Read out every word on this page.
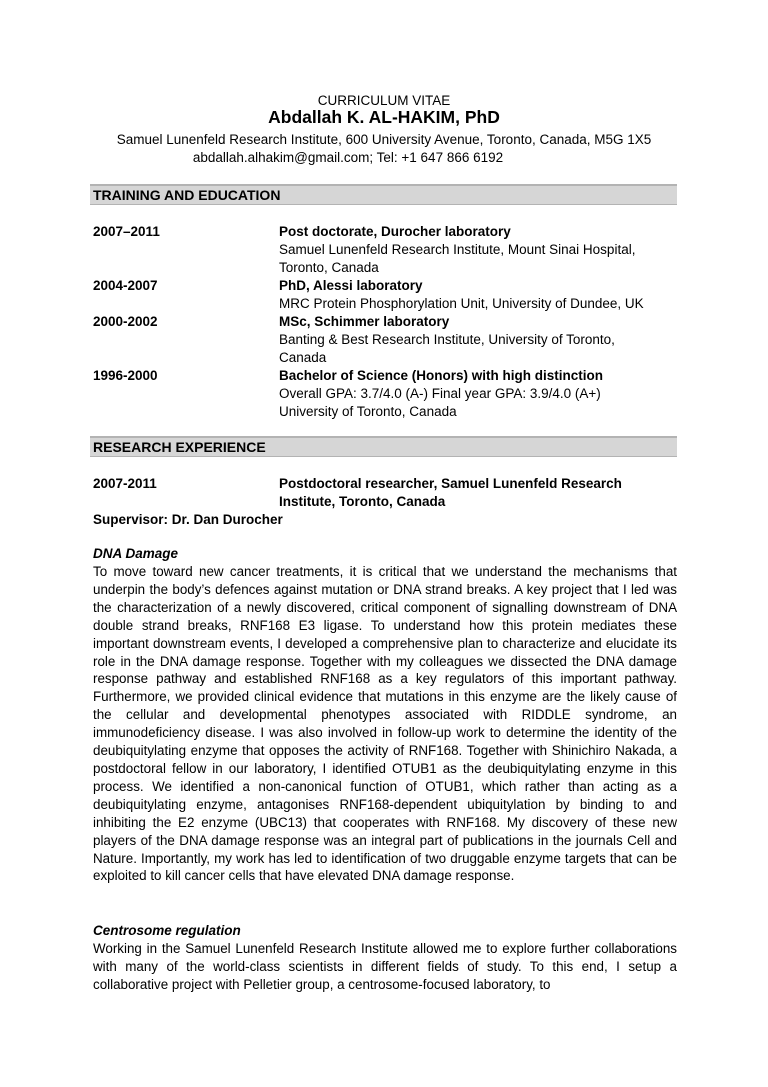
CURRICULUM VITAE
Abdallah K. AL-HAKIM, PhD
Samuel Lunenfeld Research Institute, 600 University Avenue, Toronto, Canada, M5G 1X5
abdallah.alhakim@gmail.com; Tel: +1 647 866 6192
TRAINING AND EDUCATION
2007–2011	Post doctorate, Durocher laboratory
Samuel Lunenfeld Research Institute, Mount Sinai Hospital,
Toronto, Canada
2004-2007	PhD, Alessi laboratory
MRC Protein Phosphorylation Unit, University of Dundee, UK
2000-2002	MSc, Schimmer laboratory
Banting & Best Research Institute, University of Toronto,
Canada
1996-2000	Bachelor of Science (Honors) with high distinction
Overall GPA: 3.7/4.0 (A-) Final year GPA: 3.9/4.0 (A+)
University of Toronto, Canada
RESEARCH EXPERIENCE
2007-2011	Postdoctoral researcher, Samuel Lunenfeld Research
Institute, Toronto, Canada
Supervisor: Dr. Dan Durocher
DNA Damage

To move toward new cancer treatments, it is critical that we understand the mechanisms that underpin the body’s defences against mutation or DNA strand breaks. A key project that I led was the characterization of a newly discovered, critical component of signalling downstream of DNA double strand breaks, RNF168 E3 ligase. To understand how this protein mediates these important downstream events, I developed a comprehensive plan to characterize and elucidate its role in the DNA damage response. Together with my colleagues we dissected the DNA damage response pathway and established RNF168 as a key regulators of this important pathway. Furthermore, we provided clinical evidence that mutations in this enzyme are the likely cause of the cellular and developmental phenotypes associated with RIDDLE syndrome, an immunodeficiency disease. I was also involved in follow-up work to determine the identity of the deubiquitylating enzyme that opposes the activity of RNF168. Together with Shinichiro Nakada, a postdoctoral fellow in our laboratory, I identified OTUB1 as the deubiquitylating enzyme in this process. We identified a non-canonical function of OTUB1, which rather than acting as a deubiquitylating enzyme, antagonises RNF168-dependent ubiquitylation by binding to and inhibiting the E2 enzyme (UBC13) that cooperates with RNF168. My discovery of these new players of the DNA damage response was an integral part of publications in the journals Cell and Nature. Importantly, my work has led to identification of two druggable enzyme targets that can be exploited to kill cancer cells that have elevated DNA damage response.

Centrosome regulation

Working in the Samuel Lunenfeld Research Institute allowed me to explore further collaborations with many of the world-class scientists in different fields of study. To this end, I setup a collaborative project with Pelletier group, a centrosome-focused laboratory, to
